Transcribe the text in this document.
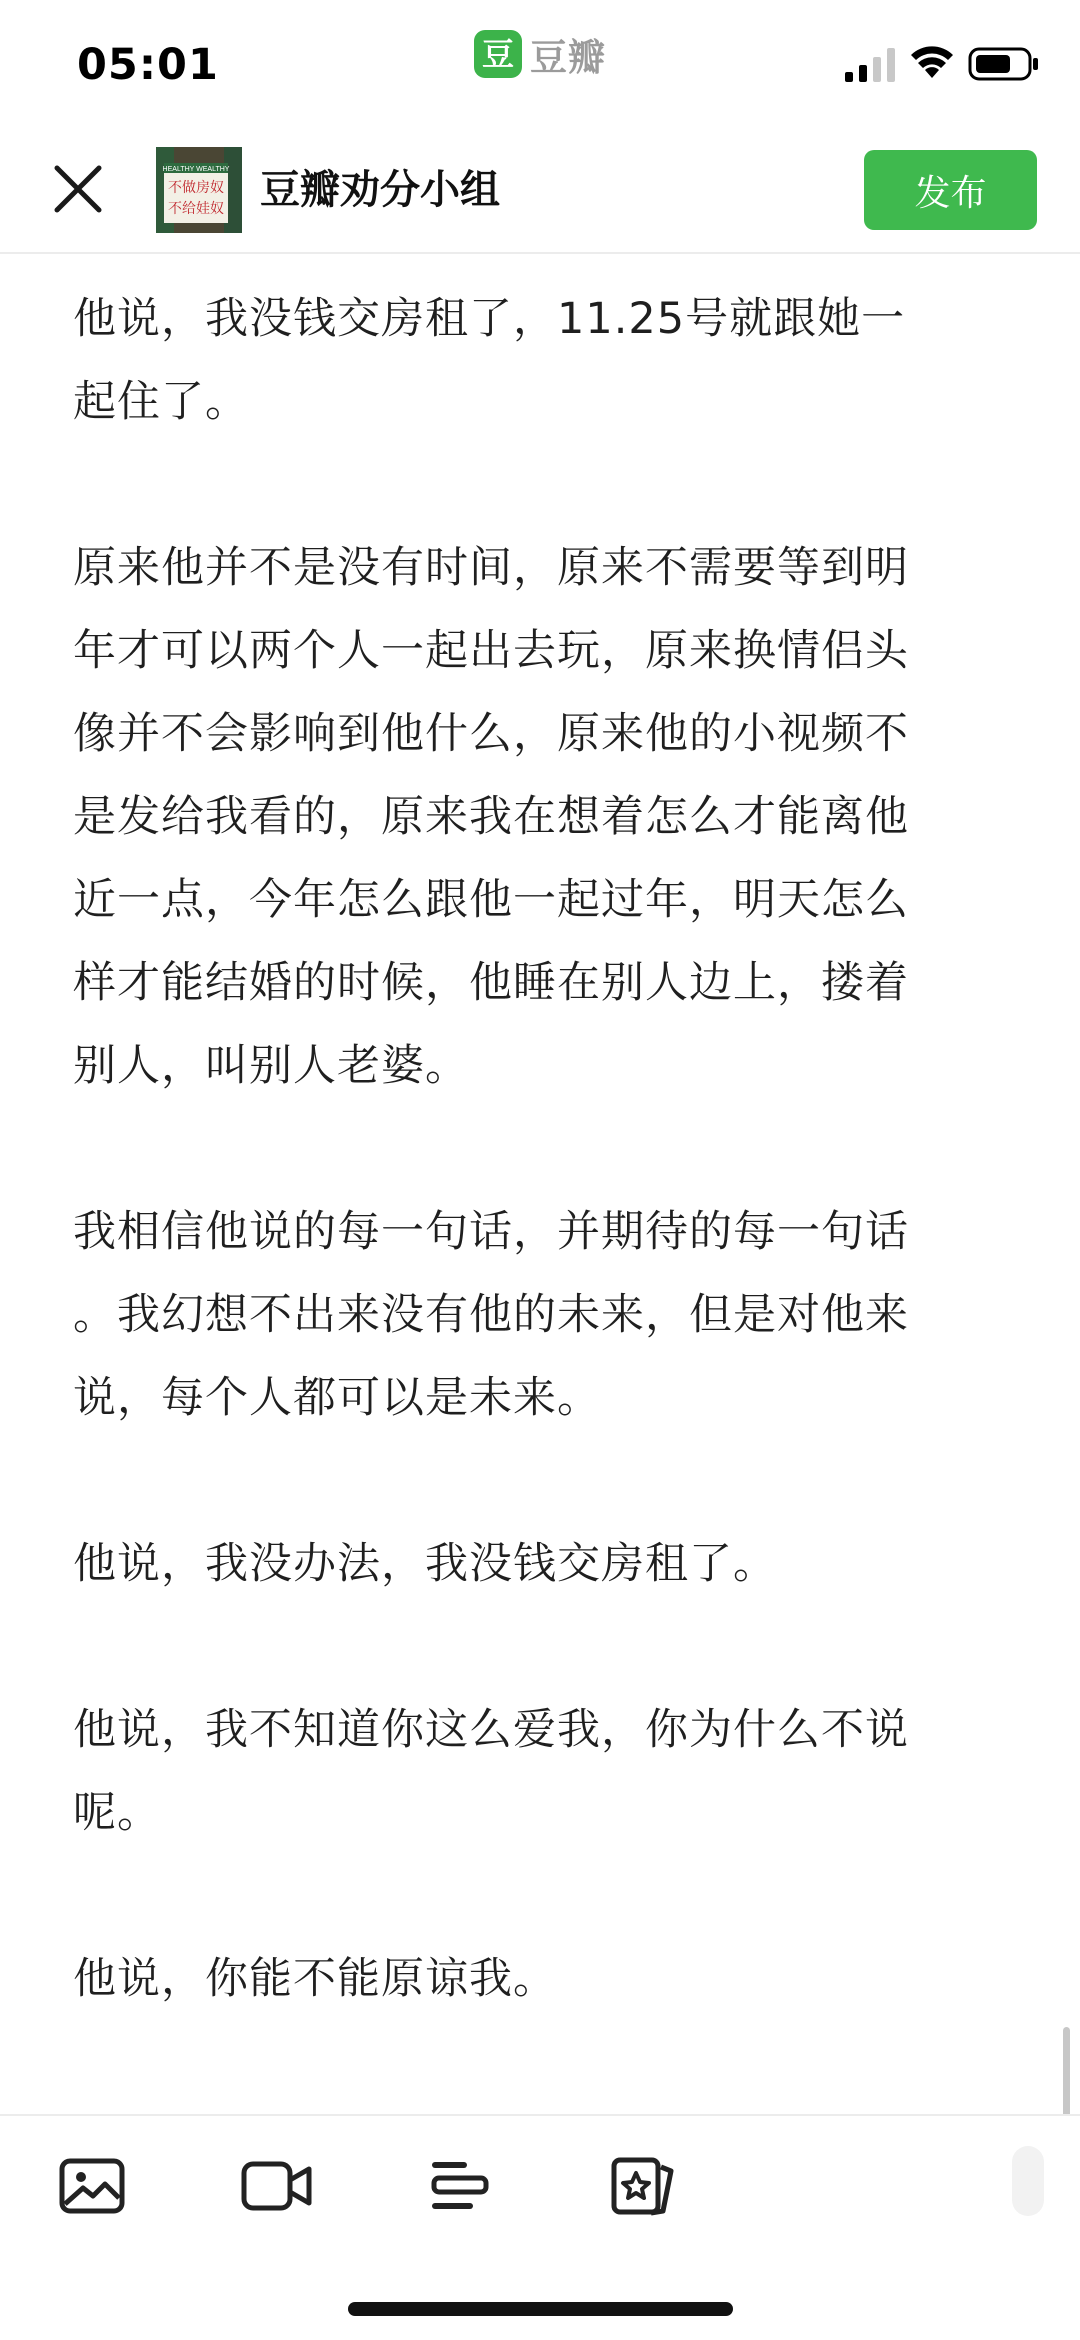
05:01	豆 豆瓣
HEALTHY WEALTHY
不做房奴
不给娃奴 豆瓣劝分小组	发布

他说，我没钱交房租了，11.25号就跟她一
起住了。

原来他并不是没有时间，原来不需要等到明
年才可以两个人一起出去玩，原来换情侣头
像并不会影响到他什么，原来他的小视频不
是发给我看的，原来我在想着怎么才能离他
近一点，今年怎么跟他一起过年，明天怎么
样才能结婚的时候，他睡在别人边上，搂着
别人，叫别人老婆。

我相信他说的每一句话，并期待的每一句话
。我幻想不出来没有他的未来，但是对他来
说，每个人都可以是未来。

他说，我没办法，我没钱交房租了。

他说，我不知道你这么爱我，你为什么不说
呢。

他说，你能不能原谅我。
